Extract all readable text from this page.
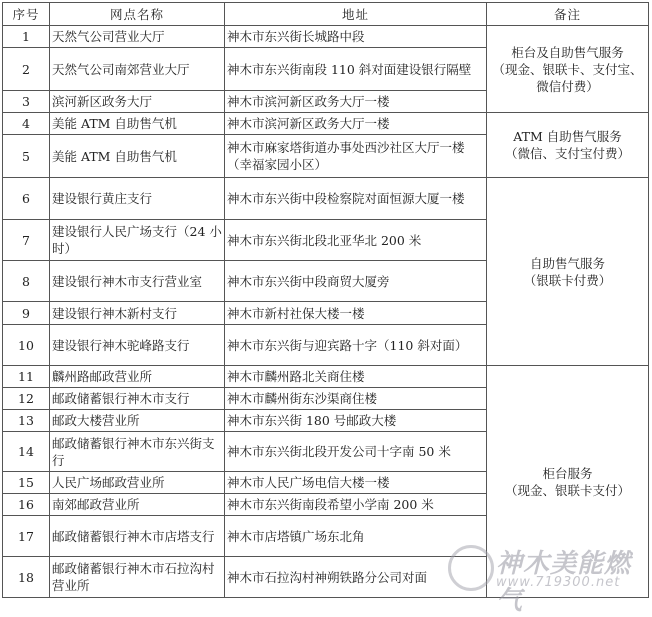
序号	网点名称	地址	备注
1	天然气公司营业大厅	神木市东兴街长城路中段	柜台及自助售气服务
（现金、银联卡、支付宝、
微信付费）

2	天然气公司南郊营业大厅	神木市东兴街南段 110 斜对面建设银行隔壁	
3	滨河新区政务大厅	神木市滨河新区政务大厅一楼	
4	美能 ATM 自助售气机	神木市滨河新区政务大厅一楼	ATM 自助售气服务
（微信、支付宝付费）

5	美能 ATM 自助售气机	神木市麻家塔街道办事处西沙社区大厅一楼（幸福家园小区）	
6	建设银行黄庄支行	神木市东兴街中段检察院对面恒源大厦一楼	自助售气服务
（银联卡付费）

7	建设银行人民广场支行（24 小时）	神木市东兴街北段北亚华北 200 米	
8	建设银行神木市支行营业室	神木市东兴街中段商贸大厦旁	
9	建设银行神木新村支行	神木市新村社保大楼一楼	
10	建设银行神木驼峰路支行	神木市东兴街与迎宾路十字（110 斜对面）	
11	麟州路邮政营业所	神木市麟州路北关商住楼	柜台服务
（现金、银联卡支付）

12	邮政储蓄银行神木市支行	神木市麟州街东沙渠商住楼	
13	邮政大楼营业所	神木市东兴街 180 号邮政大楼	
14	邮政储蓄银行神木市东兴街支行	神木市东兴街北段开发公司十字南 50 米	
15	人民广场邮政营业所	神木市人民广场电信大楼一楼	
16	南郊邮政营业所	神木市东兴街南段希望小学南 200 米	
17	邮政储蓄银行神木市店塔支行	神木市店塔镇广场东北角	
18	邮政储蓄银行神木市石拉沟村营业所	神木市石拉沟村神朔铁路分公司对面		神木美能燃气
www.719300.net
